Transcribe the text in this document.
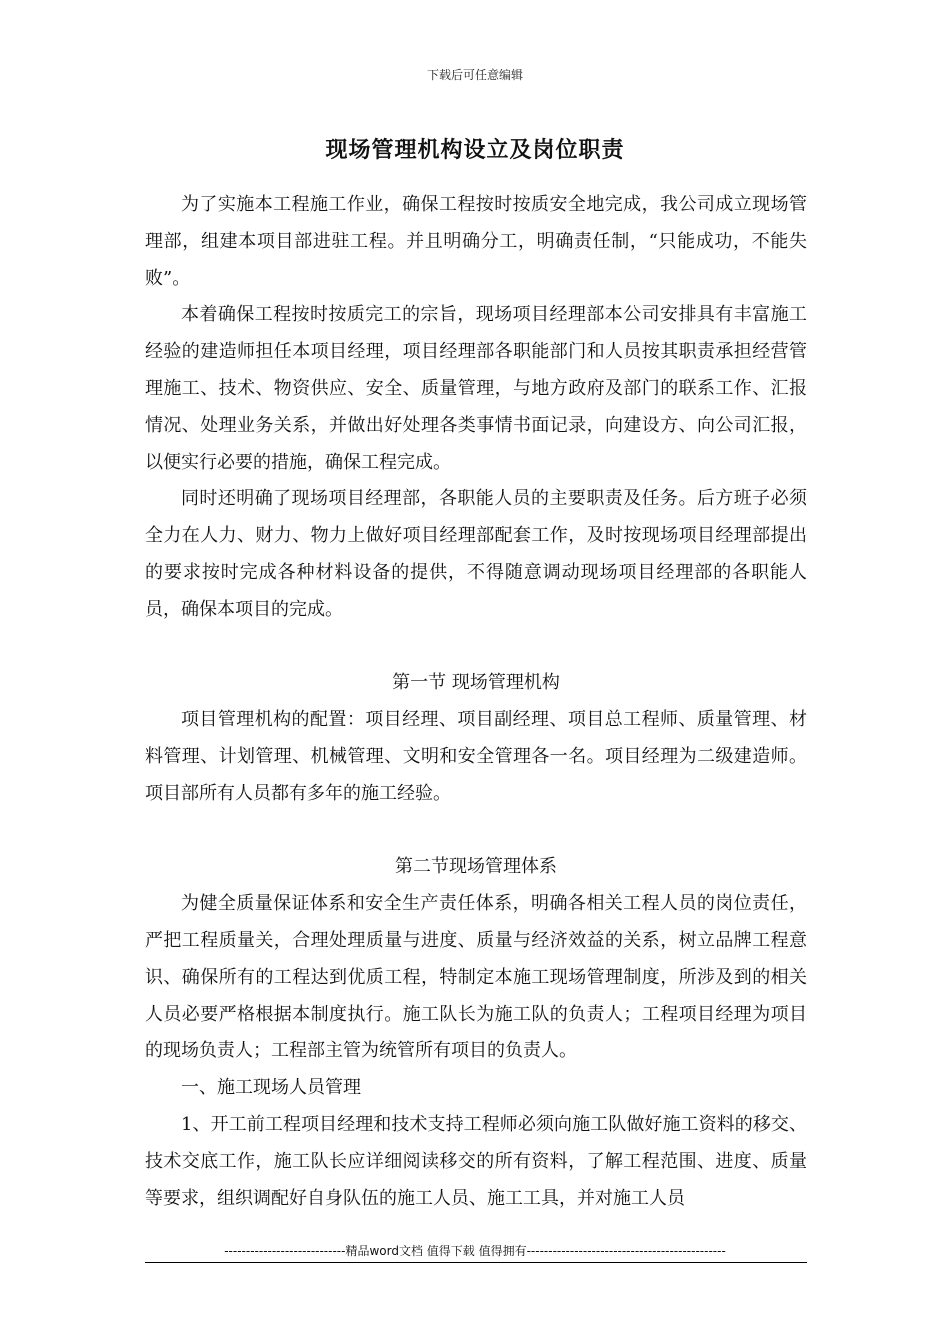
下载后可任意编辑
现场管理机构设立及岗位职责

为了实施本工程施工作业，确保工程按时按质安全地完成，我公司成立现场管理部，组建本项目部进驻工程。并且明确分工，明确责任制，“只能成功，不能失败”。

本着确保工程按时按质完工的宗旨，现场项目经理部本公司安排具有丰富施工经验的建造师担任本项目经理，项目经理部各职能部门和人员按其职责承担经营管理施工、技术、物资供应、安全、质量管理，与地方政府及部门的联系工作、汇报情况、处理业务关系，并做出好处理各类事情书面记录，向建设方、向公司汇报，以便实行必要的措施，确保工程完成。

同时还明确了现场项目经理部，各职能人员的主要职责及任务。后方班子必须全力在人力、财力、物力上做好项目经理部配套工作，及时按现场项目经理部提出的要求按时完成各种材料设备的提供，不得随意调动现场项目经理部的各职能人员，确保本项目的完成。

第一节 现场管理机构

项目管理机构的配置：项目经理、项目副经理、项目总工程师、质量管理、材料管理、计划管理、机械管理、文明和安全管理各一名。项目经理为二级建造师。项目部所有人员都有多年的施工经验。

第二节现场管理体系

为健全质量保证体系和安全生产责任体系，明确各相关工程人员的岗位责任，严把工程质量关，合理处理质量与进度、质量与经济效益的关系，树立品牌工程意识、确保所有的工程达到优质工程，特制定本施工现场管理制度，所涉及到的相关人员必要严格根据本制度执行。施工队长为施工队的负责人；工程项目经理为项目的现场负责人；工程部主管为统管所有项目的负责人。

一、施工现场人员管理

1、开工前工程项目经理和技术支持工程师必须向施工队做好施工资料的移交、技术交底工作，施工队长应详细阅读移交的所有资料，了解工程范围、进度、质量等要求，组织调配好自身队伍的施工人员、施工工具，并对施工人员

----------------------------精品word文档 值得下载 值得拥有----------------------------------------------
